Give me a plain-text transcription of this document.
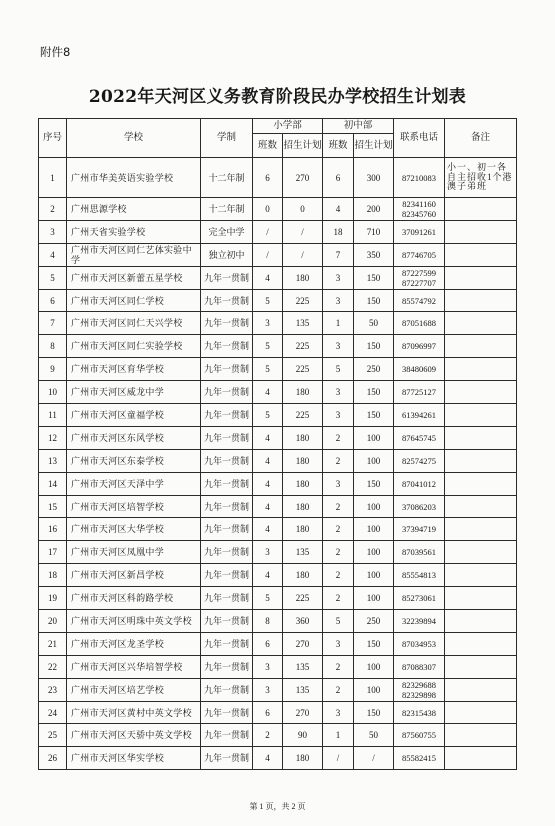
附件8
2022年天河区义务教育阶段民办学校招生计划表
序号	学校	学制	小学部		初中部		联系电话	备注
			班数	招生计划	班数	招生计划		
1	广州市华美英语实验学校	十二年制	6	270	6	300	87210083	小一、初一各自主招收1个港澳子弟班
2	广州思源学校	十二年制	0	0	4	200	82341160
82345760	
3	广州天省实验学校	完全中学	/	/	18	710	37091261	
4	广州市天河区同仁艺体实验中学	独立初中	/	/	7	350	87746705	
5	广州市天河区新蕾五星学校	九年一贯制	4	180	3	150	87227599
87227707	
6	广州市天河区同仁学校	九年一贯制	5	225	3	150	85574792	
7	广州市天河区同仁天兴学校	九年一贯制	3	135	1	50	87051688	
8	广州市天河区同仁实验学校	九年一贯制	5	225	3	150	87096997	
9	广州市天河区育华学校	九年一贯制	5	225	5	250	38480609	
10	广州市天河区威龙中学	九年一贯制	4	180	3	150	87725127	
11	广州市天河区童福学校	九年一贯制	5	225	3	150	61394261	
12	广州市天河区东风学校	九年一贯制	4	180	2	100	87645745	
13	广州市天河区东泰学校	九年一贯制	4	180	2	100	82574275	
14	广州市天河区天泽中学	九年一贯制	4	180	3	150	87041012	
15	广州市天河区培智学校	九年一贯制	4	180	2	100	37086203	
16	广州市天河区大华学校	九年一贯制	4	180	2	100	37394719	
17	广州市天河区凤凰中学	九年一贯制	3	135	2	100	87039561	
18	广州市天河区新昌学校	九年一贯制	4	180	2	100	85554813	
19	广州市天河区科韵路学校	九年一贯制	5	225	2	100	85273061	
20	广州市天河区明珠中英文学校	九年一贯制	8	360	5	250	32239894	
21	广州市天河区龙圣学校	九年一贯制	6	270	3	150	87034953	
22	广州市天河区兴华培智学校	九年一贯制	3	135	2	100	87088307	
23	广州市天河区培艺学校	九年一贯制	3	135	2	100	82329688
82329898	
24	广州市天河区黄村中英文学校	九年一贯制	6	270	3	150	82315438	
25	广州市天河区天骄中英文学校	九年一贯制	2	90	1	50	87560755	
26	广州市天河区华实学校	九年一贯制	4	180	/	/	85582415	
第 1 页，共 2 页
